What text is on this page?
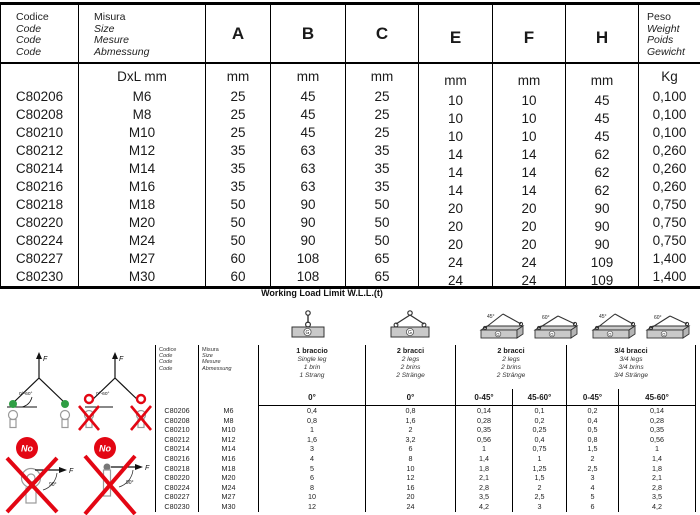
Codice
Code
Code
Code

Misura
Size
Mesure
Abmessung

A	B	C	E	F	H

Peso
Weight
Poids
Gewicht

	DxL mm	mm	mm	mm	mm	mm	mm	Kg

C80206	M6	25	45	25	10	10	45	0,100

C80208	M8	25	45	25	10	10	45	0,100

C80210	M10	25	45	25	10	10	45	0,100

C80212	M12	35	63	35	14	14	62	0,260

C80214	M14	35	63	35	14	14	62	0,260

C80216	M16	35	63	35	14	14	62	0,260

C80218	M18	50	90	50	20	20	90	0,750

C80220	M20	50	90	50	20	20	90	0,750

C80224	M24	50	90	50	20	20	90	0,750

C80227	M27	60	108	65	24	24	109	1,400

C80230	M30	60	108	65	24	24	109	1,400
Working Load Limit W.L.L.(t)
G	G
45°
G
60°
G
45°
G
60°
G
F
0°-60°
F
0°-60°
No
F
90°
No
F
90°
Codice
Code
Code
Code

Misura
Size
Mesure
Abmessung

1 braccio
Single leg
1 brin
1 Strang

2 bracci
2 legs
2 brins
2 Stränge

2 bracci
2 legs
2 brins
2 Stränge

3/4 bracci
3/4 legs
3/4 brins
3/4 Stränge

		0°	0°	0-45°	45-60°	0-45°	45-60°
C80206	M6	0,4	0,8	0,14	0,1	0,2	0,14
C80208	M8	0,8	1,6	0,28	0,2	0,4	0,28
C80210	M10	1	2	0,35	0,25	0,5	0,35
C80212	M12	1,6	3,2	0,56	0,4	0,8	0,56
C80214	M14	3	6	1	0,75	1,5	1
C80216	M16	4	8	1,4	1	2	1,4
C80218	M18	5	10	1,8	1,25	2,5	1,8
C80220	M20	6	12	2,1	1,5	3	2,1
C80224	M24	8	16	2,8	2	4	2,8
C80227	M27	10	20	3,5	2,5	5	3,5
C80230	M30	12	24	4,2	3	6	4,2
